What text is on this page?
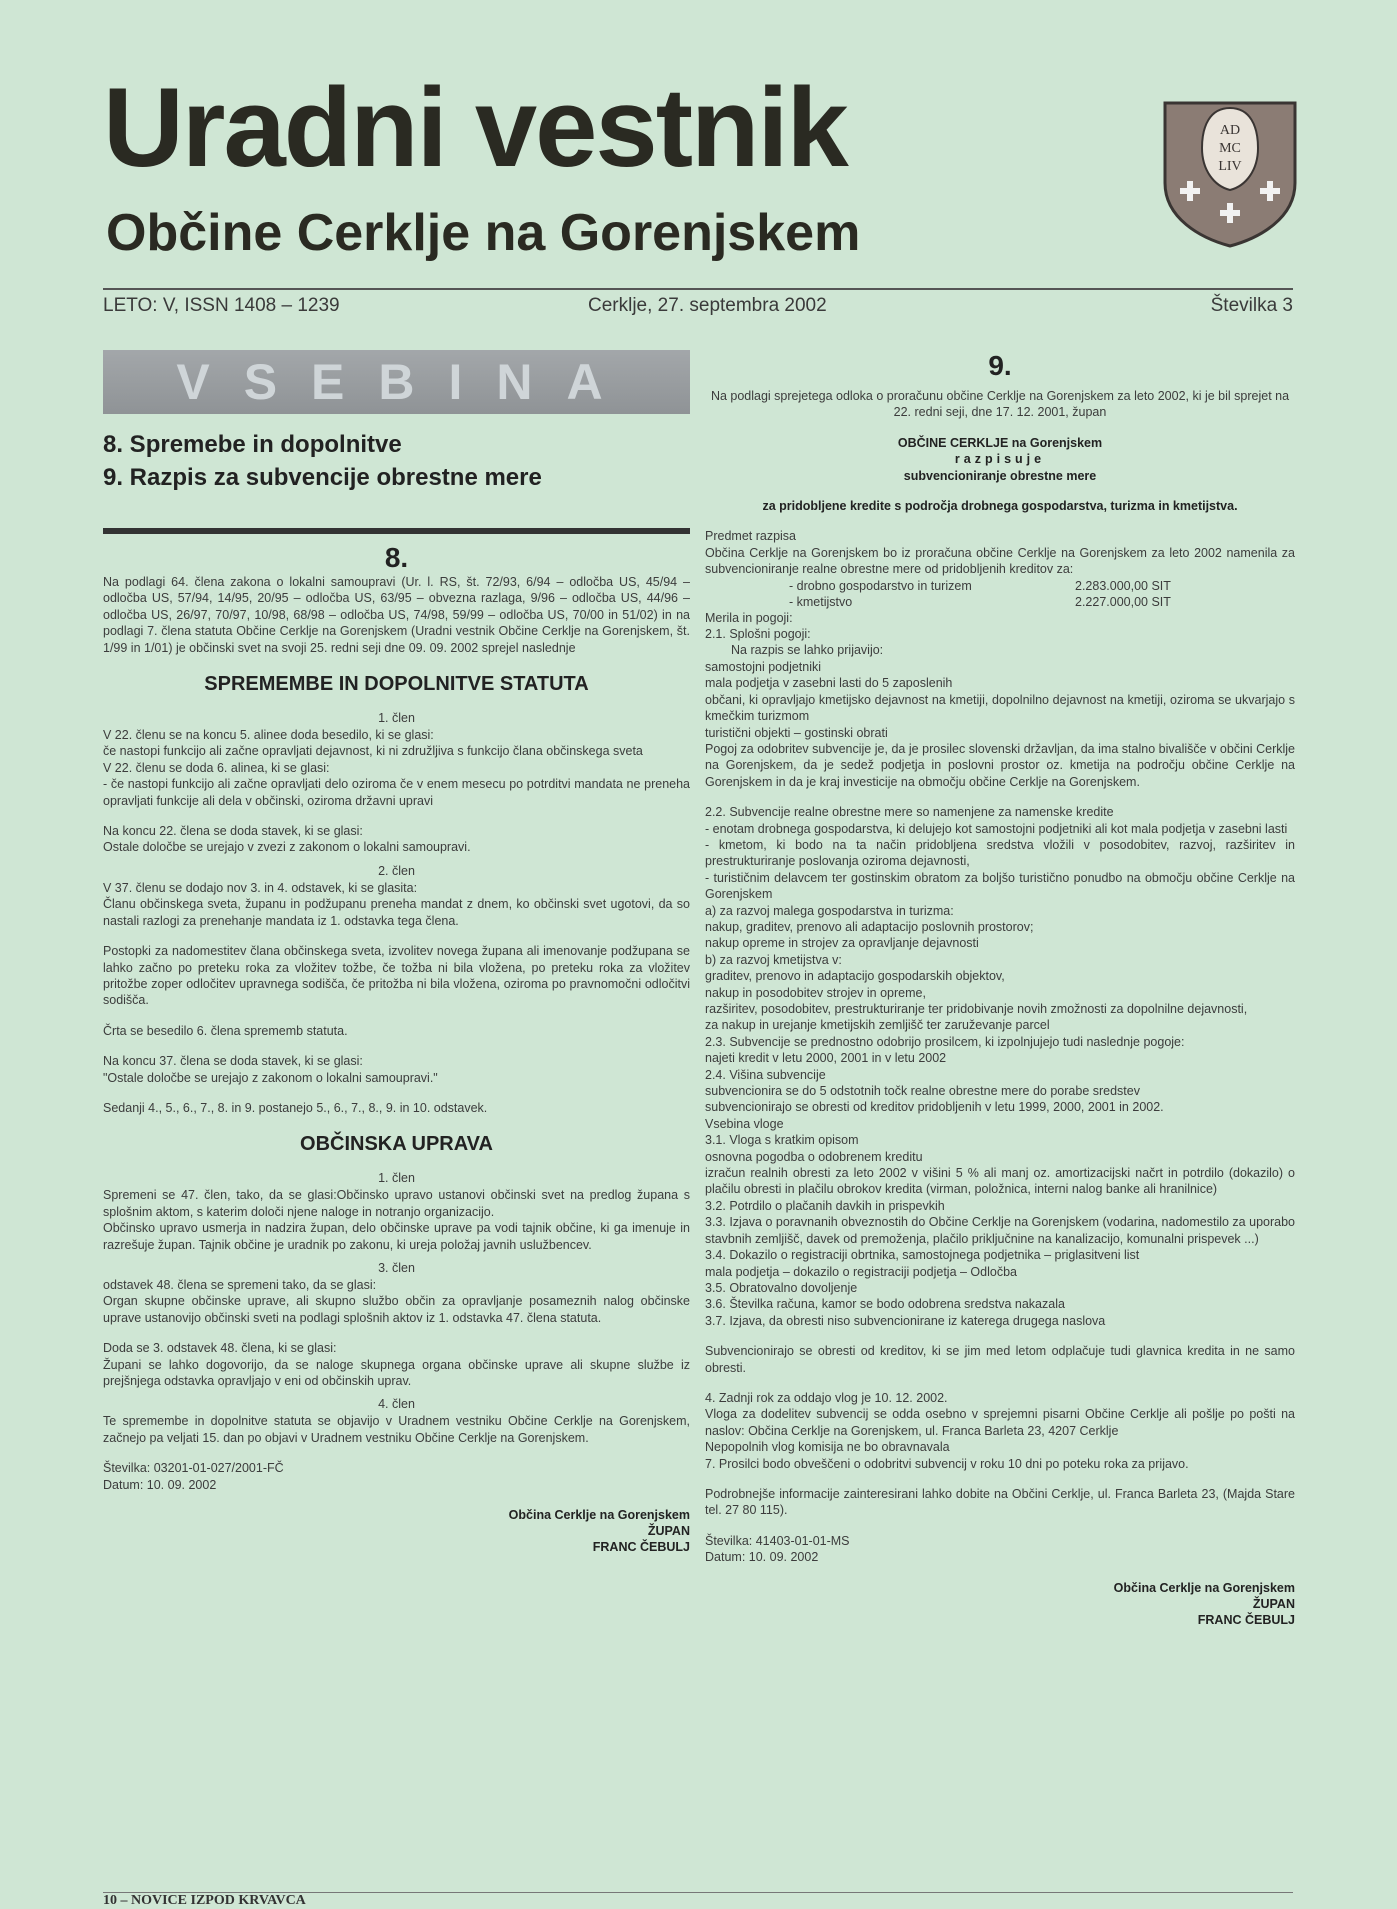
Uradni vestnik
Občine Cerklje na Gorenjskem
AD
MC
LIV
LETO: V, ISSN 1408 – 1239	Cerklje, 27. septembra 2002	Številka 3
VSEBINA
8. Spremebe in dopolnitve
9. Razpis za subvencije obrestne mere
8.

Na podlagi 64. člena zakona o lokalni samoupravi (Ur. l. RS, št. 72/93, 6/94 – odločba US, 45/94 – odločba US, 57/94, 14/95, 20/95 – odločba US, 63/95 – obvezna razlaga, 9/96 – odločba US, 44/96 – odločba US, 26/97, 70/97, 10/98, 68/98 – odločba US, 74/98, 59/99 – odločba US, 70/00 in 51/02) in na podlagi 7. člena statuta Občine Cerklje na Gorenjskem (Uradni vestnik Občine Cerklje na Gorenjskem, št. 1/99 in 1/01) je občinski svet na svoji 25. redni seji dne 09. 09. 2002 sprejel naslednje

SPREMEMBE IN DOPOLNITVE STATUTA
1. člen

V 22. členu se na koncu 5. alinee doda besedilo, ki se glasi:

če nastopi funkcijo ali začne opravljati dejavnost, ki ni združljiva s funkcijo člana občinskega sveta

V 22. členu se doda 6. alinea, ki se glasi:

- če nastopi funkcijo ali začne opravljati delo oziroma če v enem mesecu po potrditvi mandata ne preneha opravljati funkcije ali dela v občinski, oziroma državni upravi

Na koncu 22. člena se doda stavek, ki se glasi:

Ostale določbe se urejajo v zvezi z zakonom o lokalni samoupravi.

2. člen

V 37. členu se dodajo nov 3. in 4. odstavek, ki se glasita:

Članu občinskega sveta, županu in podžupanu preneha mandat z dnem, ko občinski svet ugotovi, da so nastali razlogi za prenehanje mandata iz 1. odstavka tega člena.

Postopki za nadomestitev člana občinskega sveta, izvolitev novega župana ali imenovanje podžupana se lahko začno po preteku roka za vložitev tožbe, če tožba ni bila vložena, po preteku roka za vložitev pritožbe zoper odločitev upravnega sodišča, če pritožba ni bila vložena, oziroma po pravnomočni odločitvi sodišča.

Črta se besedilo 6. člena sprememb statuta.

Na koncu 37. člena se doda stavek, ki se glasi:

"Ostale določbe se urejajo z zakonom o lokalni samoupravi."

Sedanji 4., 5., 6., 7., 8. in 9. postanejo 5., 6., 7., 8., 9. in 10. odstavek.

OBČINSKA UPRAVA
1. člen

Spremeni se 47. člen, tako, da se glasi:Občinsko upravo ustanovi občinski svet na predlog župana s splošnim aktom, s katerim določi njene naloge in notranjo organizacijo.

Občinsko upravo usmerja in nadzira župan, delo občinske uprave pa vodi tajnik občine, ki ga imenuje in razrešuje župan. Tajnik občine je uradnik po zakonu, ki ureja položaj javnih uslužbencev.

3. člen

odstavek 48. člena se spremeni tako, da se glasi:

Organ skupne občinske uprave, ali skupno službo občin za opravljanje posameznih nalog občinske uprave ustanovijo občinski sveti na podlagi splošnih aktov iz 1. odstavka 47. člena statuta.

Doda se 3. odstavek 48. člena, ki se glasi:

Župani se lahko dogovorijo, da se naloge skupnega organa občinske uprave ali skupne službe iz prejšnjega odstavka opravljajo v eni od občinskih uprav.

4. člen

Te spremembe in dopolnitve statuta se objavijo v Uradnem vestniku Občine Cerklje na Gorenjskem, začnejo pa veljati 15. dan po objavi v Uradnem vestniku Občine Cerklje na Gorenjskem.

Številka: 03201-01-027/2001-FČ

Datum: 10. 09. 2002

Občina Cerklje na Gorenjskem
ŽUPAN
FRANC ČEBULJ
9.

Na podlagi sprejetega odloka o proračunu občine Cerklje na Gorenjskem za leto 2002, ki je bil sprejet na 22. redni seji, dne 17. 12. 2001, župan

OBČINE CERKLJE na Gorenjskem

razpisuje

subvencioniranje obrestne mere

za pridobljene kredite s področja drobnega gospodarstva, turizma in kmetijstva.

Predmet razpisa

Občina Cerklje na Gorenjskem bo iz proračuna občine Cerklje na Gorenjskem za leto 2002 namenila za subvencioniranje realne obrestne mere od pridobljenih kreditov za:

- drobno gospodarstvo in turizem	2.283.000,00 SIT
- kmetijstvo	2.227.000,00 SIT

Merila in pogoji:

2.1. Splošni pogoji:

Na razpis se lahko prijavijo:

samostojni podjetniki

mala podjetja v zasebni lasti do 5 zaposlenih

občani, ki opravljajo kmetijsko dejavnost na kmetiji, dopolnilno dejavnost na kmetiji, oziroma se ukvarjajo s kmečkim turizmom

turistični objekti – gostinski obrati

Pogoj za odobritev subvencije je, da je prosilec slovenski državljan, da ima stalno bivališče v občini Cerklje na Gorenjskem, da je sedež podjetja in poslovni prostor oz. kmetija na področju občine Cerklje na Gorenjskem in da je kraj investicije na območju občine Cerklje na Gorenjskem.

2.2. Subvencije realne obrestne mere so namenjene za namenske kredite

- enotam drobnega gospodarstva, ki delujejo kot samostojni podjetniki ali kot mala podjetja v zasebni lasti

- kmetom, ki bodo na ta način pridobljena sredstva vložili v posodobitev, razvoj, razširitev in prestrukturiranje poslovanja oziroma dejavnosti,

- turističnim delavcem ter gostinskim obratom za boljšo turistično ponudbo na območju občine Cerklje na Gorenjskem

a) za razvoj malega gospodarstva in turizma:

nakup, graditev, prenovo ali adaptacijo poslovnih prostorov;

nakup opreme in strojev za opravljanje dejavnosti

b) za razvoj kmetijstva v:

graditev, prenovo in adaptacijo gospodarskih objektov,

nakup in posodobitev strojev in opreme,

razširitev, posodobitev, prestrukturiranje ter pridobivanje novih zmožnosti za dopolnilne dejavnosti,

za nakup in urejanje kmetijskih zemljišč ter zaruževanje parcel

2.3. Subvencije se prednostno odobrijo prosilcem, ki izpolnjujejo tudi naslednje pogoje:

najeti kredit v letu 2000, 2001 in v letu 2002

2.4. Višina subvencije

subvencionira se do 5 odstotnih točk realne obrestne mere do porabe sredstev

subvencionirajo se obresti od kreditov pridobljenih v letu 1999, 2000, 2001 in 2002.

Vsebina vloge

3.1. Vloga s kratkim opisom

osnovna pogodba o odobrenem kreditu

izračun realnih obresti za leto 2002 v višini 5 % ali manj oz. amortizacijski načrt in potrdilo (dokazilo) o plačilu obresti in plačilu obrokov kredita (virman, položnica, interni nalog banke ali hranilnice)

3.2. Potrdilo o plačanih davkih in prispevkih

3.3. Izjava o poravnanih obveznostih do Občine Cerklje na Gorenjskem (vodarina, nadomestilo za uporabo stavbnih zemljišč, davek od premoženja, plačilo priključnine na kanalizacijo, komunalni prispevek ...)

3.4. Dokazilo o registraciji obrtnika, samostojnega podjetnika – priglasitveni list

mala podjetja – dokazilo o registraciji podjetja – Odločba

3.5. Obratovalno dovoljenje

3.6. Številka računa, kamor se bodo odobrena sredstva nakazala

3.7. Izjava, da obresti niso subvencionirane iz katerega drugega naslova

Subvencionirajo se obresti od kreditov, ki se jim med letom odplačuje tudi glavnica kredita in ne samo obresti.

4. Zadnji rok za oddajo vlog je 10. 12. 2002.

Vloga za dodelitev subvencij se odda osebno v sprejemni pisarni Občine Cerklje ali pošlje po pošti na naslov: Občina Cerklje na Gorenjskem, ul. Franca Barleta 23, 4207 Cerklje

Nepopolnih vlog komisija ne bo obravnavala

7. Prosilci bodo obveščeni o odobritvi subvencij v roku 10 dni po poteku roka za prijavo.

Podrobnejše informacije zainteresirani lahko dobite na Občini Cerklje, ul. Franca Barleta 23, (Majda Stare tel. 27 80 115).

Številka: 41403-01-01-MS

Datum: 10. 09. 2002

Občina Cerklje na Gorenjskem
ŽUPAN
FRANC ČEBULJ
10 – NOVICE IZPOD KRVAVCA
